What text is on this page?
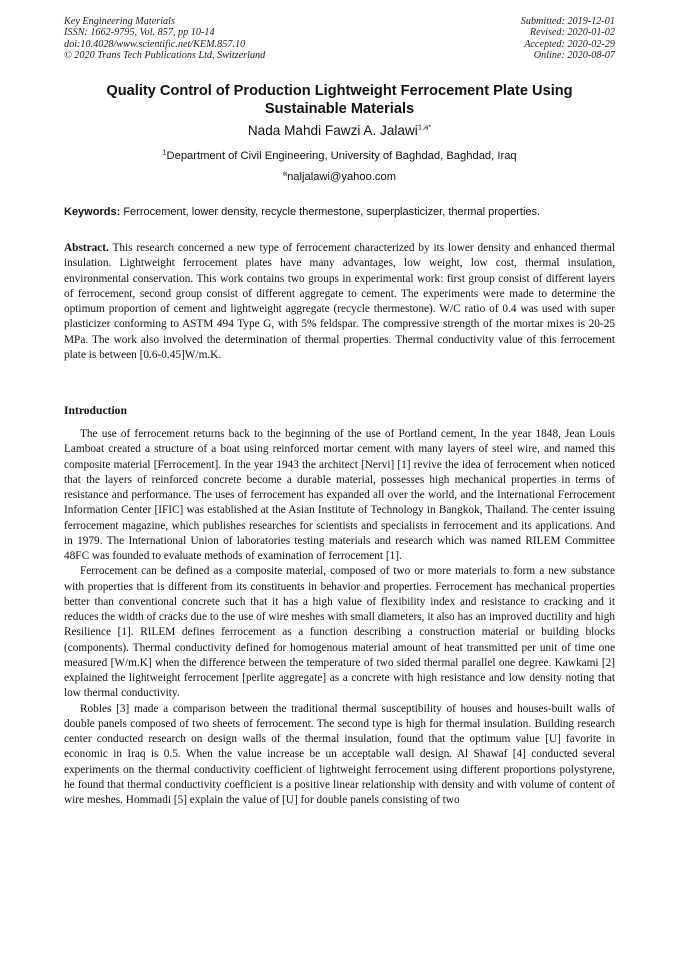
Key Engineering Materials
ISSN: 1662-9795, Vol. 857, pp 10-14
doi:10.4028/www.scientific.net/KEM.857.10
© 2020 Trans Tech Publications Ltd, Switzerland
Submitted: 2019-12-01
Revised: 2020-01-02
Accepted: 2020-02-29
Online: 2020-08-07
Quality Control of Production Lightweight Ferrocement Plate Using Sustainable Materials
Nada Mahdi Fawzi A. Jalawi$^{1,a*}$
$^1$Department of Civil Engineering, University of Baghdad, Baghdad, Iraq
$^a$naljalawi@yahoo.com
Keywords: Ferrocement, lower density, recycle thermestone, superplasticizer, thermal properties.
Abstract. This research concerned a new type of ferrocement characterized by its lower density and enhanced thermal insulation. Lightweight ferrocement plates have many advantages, low weight, low cost, thermal insulation, environmental conservation. This work contains two groups in experimental work: first group consist of different layers of ferrocement, second group consist of different aggregate to cement. The experiments were made to determine the optimum proportion of cement and lightweight aggregate (recycle thermestone). W/C ratio of 0.4 was used with super plasticizer conforming to ASTM 494 Type G, with 5% feldspar. The compressive strength of the mortar mixes is 20-25 MPa. The work also involved the determination of thermal properties. Thermal conductivity value of this ferrocement plate is between [0.6-0.45]W/m.K.
Introduction

The use of ferrocement returns back to the beginning of the use of Portland cement, In the year 1848, Jean Louis Lamboat created a structure of a boat using reinforced mortar cement with many layers of steel wire, and named this composite material [Ferrocement]. In the year 1943 the architect [Nervi] [1] revive the idea of ferrocement when noticed that the layers of reinforced concrete become a durable material, possesses high mechanical properties in terms of resistance and performance. The uses of ferrocement has expanded all over the world, and the International Ferrocement Information Center [IFIC] was established at the Asian Institute of Technology in Bangkok, Thailand. The center issuing ferrocement magazine, which publishes researches for scientists and specialists in ferrocement and its applications. And in 1979. The International Union of laboratories testing materials and research which was named RILEM Committee 48FC was founded to evaluate methods of examination of ferrocement [1].

Ferrocement can be defined as a composite material, composed of two or more materials to form a new substance with properties that is different from its constituents in behavior and properties. Ferrocement has mechanical properties better than conventional concrete such that it has a high value of flexibility index and resistance to cracking and it reduces the width of cracks due to the use of wire meshes with small diameters, it also has an improved ductility and high Resilience [1]. RILEM defines ferrocement as a function describing a construction material or building blocks (components). Thermal conductivity defined for homogenous material amount of heat transmitted per unit of time one measured [W/m.K] when the difference between the temperature of two sided thermal parallel one degree. Kawkami [2] explained the lightweight ferrocement [perlite aggregate] as a concrete with high resistance and low density noting that low thermal conductivity.

Robles [3] made a comparison between the traditional thermal susceptibility of houses and houses-built walls of double panels composed of two sheets of ferrocement. The second type is high for thermal insulation. Building research center conducted research on design walls of the thermal insulation, found that the optimum value [U] favorite in economic in Iraq is 0.5. When the value increase be un acceptable wall design. Al Shawaf [4] conducted several experiments on the thermal conductivity coefficient of lightweight ferrocement using different proportions polystyrene, he found that thermal conductivity coefficient is a positive linear relationship with density and with volume of content of wire meshes. Hommadi [5] explain the value of [U] for double panels consisting of two
